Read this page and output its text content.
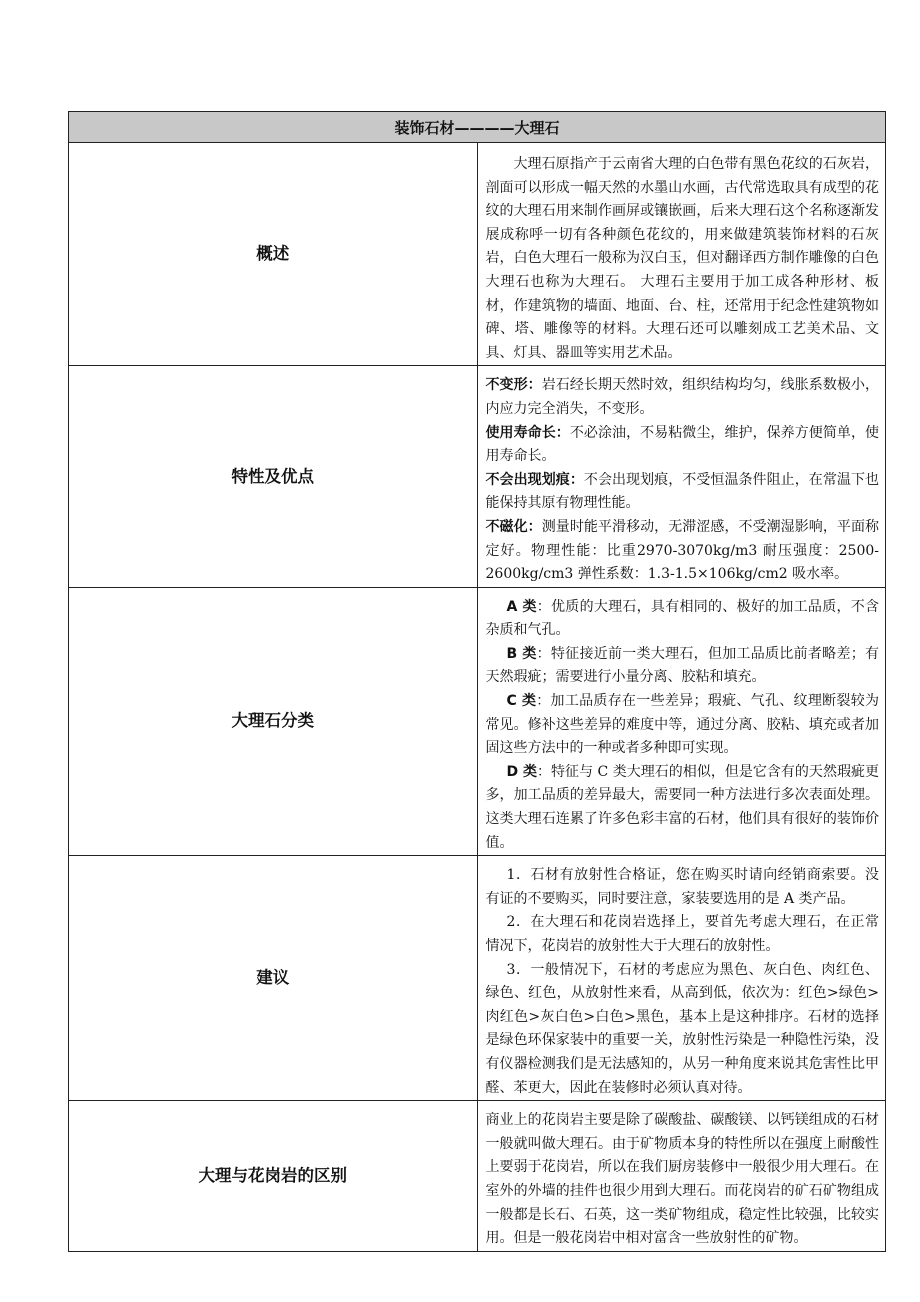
装饰石材————大理石	
概述	大理石原指产于云南省大理的白色带有黑色花纹的石灰岩，剖面可以形成一幅天然的水墨山水画，古代常选取具有成型的花纹的大理石用来制作画屏或镶嵌画，后来大理石这个名称逐渐发展成称呼一切有各种颜色花纹的，用来做建筑装饰材料的石灰岩，白色大理石一般称为汉白玉，但对翻译西方制作雕像的白色大理石也称为大理石。 大理石主要用于加工成各种形材、板材，作建筑物的墙面、地面、台、柱，还常用于纪念性建筑物如碑、塔、雕像等的材料。大理石还可以雕刻成工艺美术品、文具、灯具、器皿等实用艺术品。

特性及优点	不变形：岩石经长期天然时效，组织结构均匀，线胀系数极小，内应力完全消失，不变形。

使用寿命长：不必涂油，不易粘微尘，维护，保养方便简单，使用寿命长。

不会出现划痕：不会出现划痕，不受恒温条件阻止，在常温下也能保持其原有物理性能。

不磁化：测量时能平滑移动，无滞涩感，不受潮湿影响，平面称定好。物理性能：比重2970-3070kg/m3 耐压强度：2500-2600kg/cm3 弹性系数：1.3-1.5×106kg/cm2 吸水率。

大理石分类	A 类：优质的大理石，具有相同的、极好的加工品质，不含杂质和气孔。

B 类：特征接近前一类大理石，但加工品质比前者略差；有天然瑕疵；需要进行小量分离、胶粘和填充。

C 类：加工品质存在一些差异；瑕疵、气孔、纹理断裂较为常见。修补这些差异的难度中等，通过分离、胶粘、填充或者加固这些方法中的一种或者多种即可实现。

D 类：特征与 C 类大理石的相似，但是它含有的天然瑕疵更多，加工品质的差异最大，需要同一种方法进行多次表面处理。这类大理石连累了许多色彩丰富的石材，他们具有很好的装饰价值。

建议	1．石材有放射性合格证，您在购买时请向经销商索要。没有证的不要购买，同时要注意，家装要选用的是 A 类产品。

2．在大理石和花岗岩选择上，要首先考虑大理石，在正常情况下，花岗岩的放射性大于大理石的放射性。

3．一般情况下，石材的考虑应为黑色、灰白色、肉红色、绿色、红色，从放射性来看，从高到低，依次为：红色>绿色>肉红色>灰白色>白色>黑色，基本上是这种排序。石材的选择是绿色环保家装中的重要一关，放射性污染是一种隐性污染，没有仪器检测我们是无法感知的，从另一种角度来说其危害性比甲醛、苯更大，因此在装修时必须认真对待。

大理与花岗岩的区别	商业上的花岗岩主要是除了碳酸盐、碳酸镁、以钙镁组成的石材一般就叫做大理石。由于矿物质本身的特性所以在强度上耐酸性上要弱于花岗岩，所以在我们厨房装修中一般很少用大理石。在室外的外墙的挂件也很少用到大理石。而花岗岩的矿石矿物组成一般都是长石、石英，这一类矿物组成，稳定性比较强，比较实用。但是一般花岗岩中相对富含一些放射性的矿物。
